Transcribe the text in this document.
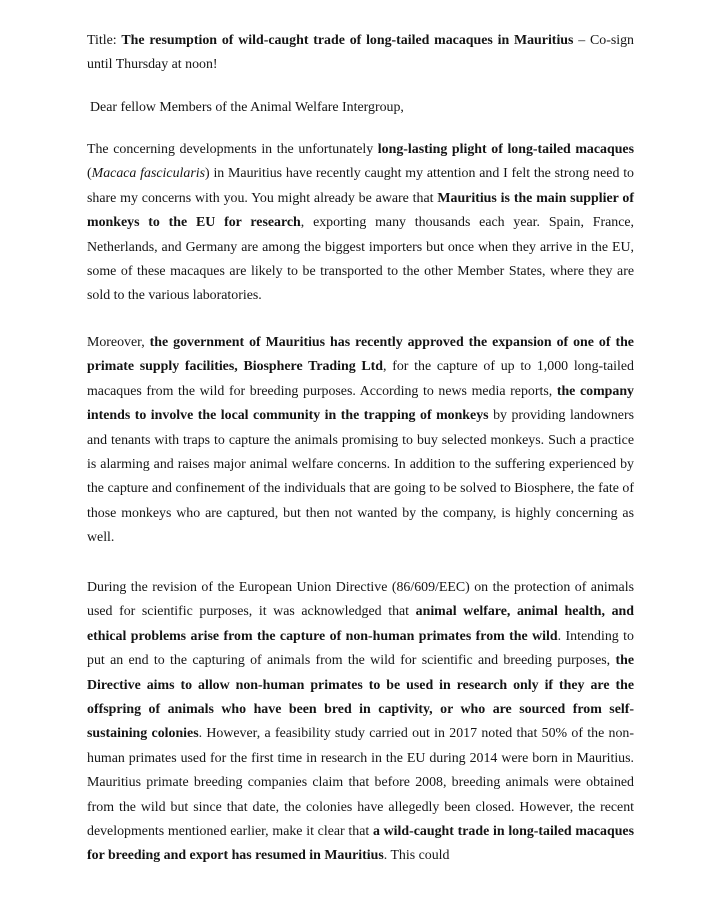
Title: The resumption of wild-caught trade of long-tailed macaques in Mauritius – Co-sign until Thursday at noon!

Dear fellow Members of the Animal Welfare Intergroup,

The concerning developments in the unfortunately long-lasting plight of long-tailed macaques (Macaca fascicularis) in Mauritius have recently caught my attention and I felt the strong need to share my concerns with you. You might already be aware that Mauritius is the main supplier of monkeys to the EU for research, exporting many thousands each year. Spain, France, Netherlands, and Germany are among the biggest importers but once when they arrive in the EU, some of these macaques are likely to be transported to the other Member States, where they are sold to the various laboratories.

Moreover, the government of Mauritius has recently approved the expansion of one of the primate supply facilities, Biosphere Trading Ltd, for the capture of up to 1,000 long-tailed macaques from the wild for breeding purposes. According to news media reports, the company intends to involve the local community in the trapping of monkeys by providing landowners and tenants with traps to capture the animals promising to buy selected monkeys. Such a practice is alarming and raises major animal welfare concerns. In addition to the suffering experienced by the capture and confinement of the individuals that are going to be solved to Biosphere, the fate of those monkeys who are captured, but then not wanted by the company, is highly concerning as well.

During the revision of the European Union Directive (86/609/EEC) on the protection of animals used for scientific purposes, it was acknowledged that animal welfare, animal health, and ethical problems arise from the capture of non-human primates from the wild. Intending to put an end to the capturing of animals from the wild for scientific and breeding purposes, the Directive aims to allow non-human primates to be used in research only if they are the offspring of animals who have been bred in captivity, or who are sourced from self-sustaining colonies. However, a feasibility study carried out in 2017 noted that 50% of the non-human primates used for the first time in research in the EU during 2014 were born in Mauritius. Mauritius primate breeding companies claim that before 2008, breeding animals were obtained from the wild but since that date, the colonies have allegedly been closed. However, the recent developments mentioned earlier, make it clear that a wild-caught trade in long-tailed macaques for breeding and export has resumed in Mauritius. This could
